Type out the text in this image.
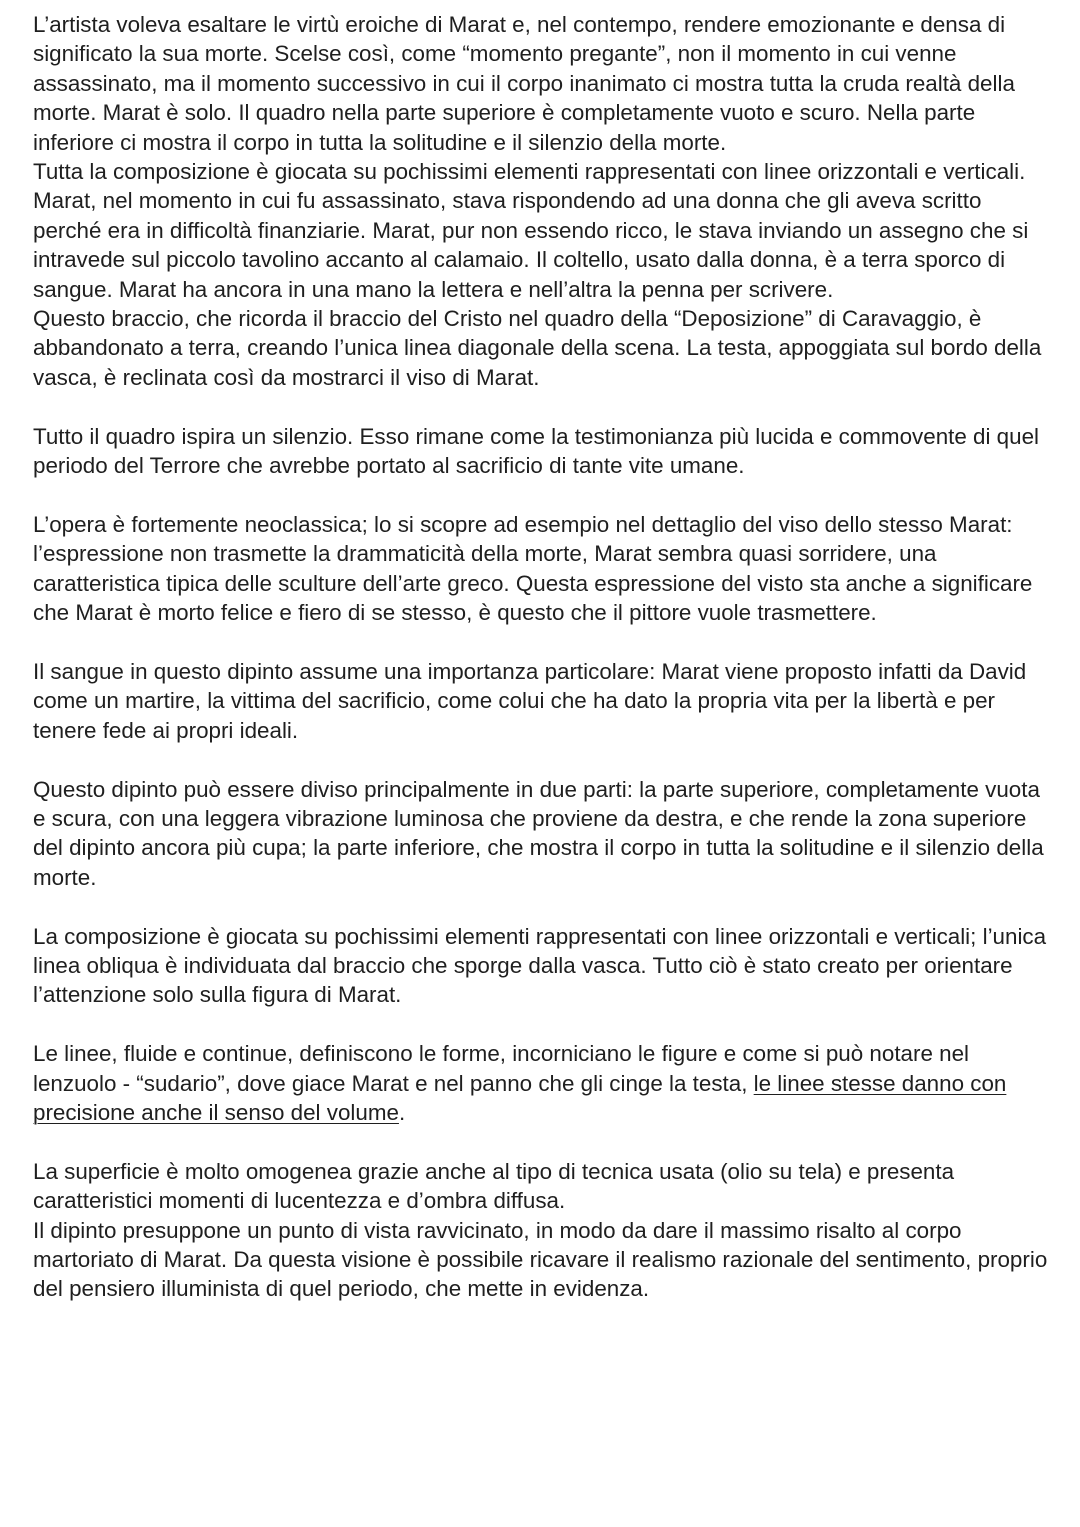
L’artista voleva esaltare le virtù eroiche di Marat e, nel contempo, rendere emozionante e densa di significato la sua morte. Scelse così, come “momento pregante”, non il momento in cui venne assassinato, ma il momento successivo in cui il corpo inanimato ci mostra tutta la cruda realtà della morte. Marat è solo. Il quadro nella parte superiore è completamente vuoto e scuro. Nella parte inferiore ci mostra il corpo in tutta la solitudine e il silenzio della morte.

Tutta la composizione è giocata su pochissimi elementi rappresentati con linee orizzontali e verticali. Marat, nel momento in cui fu assassinato, stava rispondendo ad una donna che gli aveva scritto perché era in difficoltà finanziarie. Marat, pur non essendo ricco, le stava inviando un assegno che si intravede sul piccolo tavolino accanto al calamaio. Il coltello, usato dalla donna, è a terra sporco di sangue. Marat ha ancora in una mano la lettera e nell’altra la penna per scrivere.

Questo braccio, che ricorda il braccio del Cristo nel quadro della “Deposizione” di Caravaggio, è abbandonato a terra, creando l’unica linea diagonale della scena. La testa, appoggiata sul bordo della vasca, è reclinata così da mostrarci il viso di Marat.

Tutto il quadro ispira un silenzio. Esso rimane come la testimonianza più lucida e commovente di quel periodo del Terrore che avrebbe portato al sacrificio di tante vite umane.

L’opera è fortemente neoclassica; lo si scopre ad esempio nel dettaglio del viso dello stesso Marat: l’espressione non trasmette la drammaticità della morte, Marat sembra quasi sorridere, una caratteristica tipica delle sculture dell’arte greco. Questa espressione del visto sta anche a significare che Marat è morto felice e fiero di se stesso, è questo che il pittore vuole trasmettere.

Il sangue in questo dipinto assume una importanza particolare: Marat viene proposto infatti da David come un martire, la vittima del sacrificio, come colui che ha dato la propria vita per la libertà e per tenere fede ai propri ideali.

Questo dipinto può essere diviso principalmente in due parti: la parte superiore, completamente vuota e scura, con una leggera vibrazione luminosa che proviene da destra, e che rende la zona superiore del dipinto ancora più cupa; la parte inferiore, che mostra il corpo in tutta la solitudine e il silenzio della morte.

La composizione è giocata su pochissimi elementi rappresentati con linee orizzontali e verticali; l’unica linea obliqua è individuata dal braccio che sporge dalla vasca. Tutto ciò è stato creato per orientare l’attenzione solo sulla figura di Marat.

Le linee, fluide e continue, definiscono le forme, incorniciano le figure e come si può notare nel lenzuolo - “sudario”, dove giace Marat e nel panno che gli cinge la testa, le linee stesse danno con precisione anche il senso del volume.

La superficie è molto omogenea grazie anche al tipo di tecnica usata (olio su tela) e presenta caratteristici momenti di lucentezza e d’ombra diffusa.

Il dipinto presuppone un punto di vista ravvicinato, in modo da dare il massimo risalto al corpo martoriato di Marat. Da questa visione è possibile ricavare il realismo razionale del sentimento, proprio del pensiero illuminista di quel periodo, che mette in evidenza.
